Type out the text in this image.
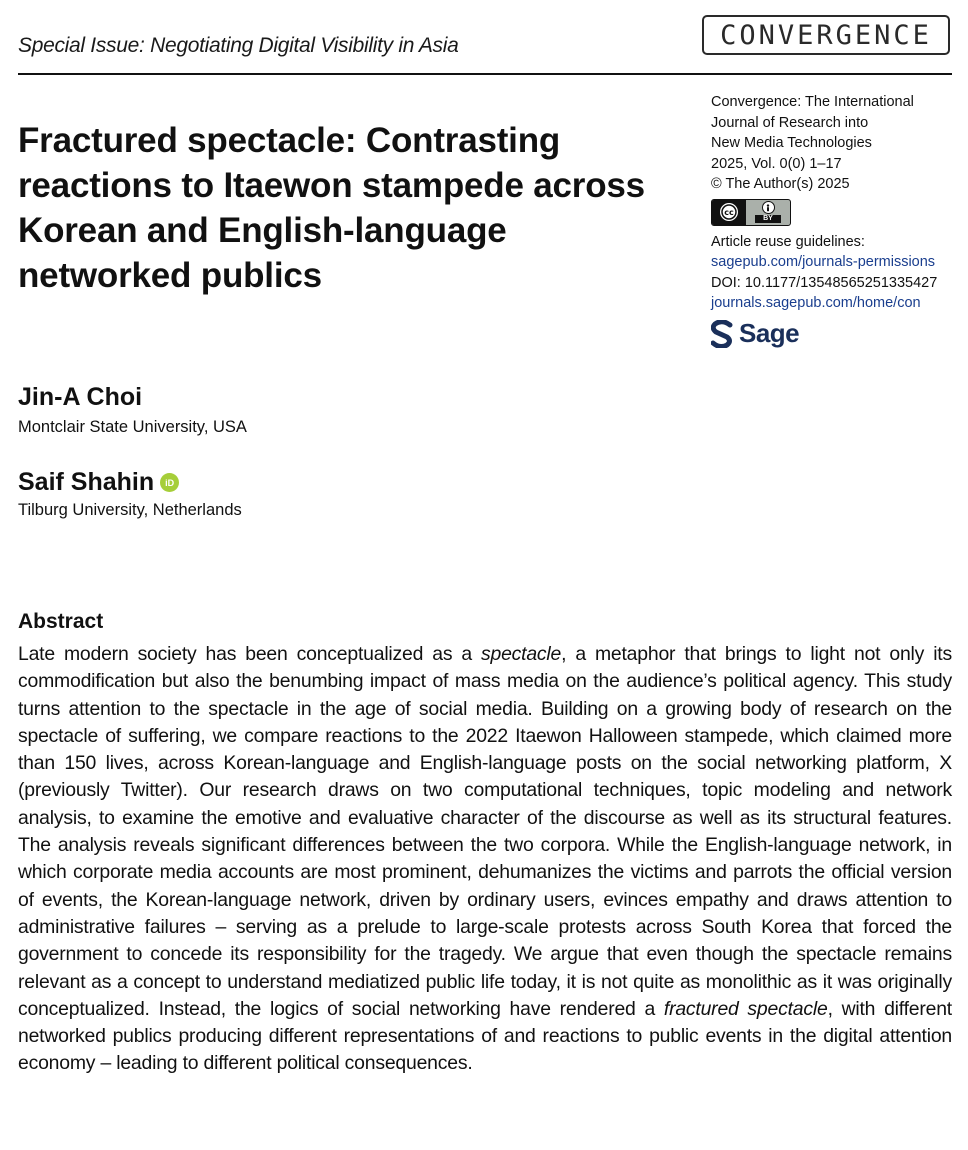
Special Issue: Negotiating Digital Visibility in Asia	CONVERGENCE
Fractured spectacle: Contrasting reactions to Itaewon stampede across Korean and English-language networked publics
Convergence: The International
Journal of Research into
New Media Technologies
2025, Vol. 0(0) 1–17
© The Author(s) 2025
cc
BY
Article reuse guidelines:
sagepub.com/journals-permissions
DOI: 10.1177/13548565251335427
journals.sagepub.com/home/con
Sage
Jin-A Choi
Montclair State University, USA
Saif Shahin	iD
Tilburg University, Netherlands
Abstract

Late modern society has been conceptualized as a spectacle, a metaphor that brings to light not only its commodification but also the benumbing impact of mass media on the audience’s political agency. This study turns attention to the spectacle in the age of social media. Building on a growing body of research on the spectacle of suffering, we compare reactions to the 2022 Itaewon Halloween stampede, which claimed more than 150 lives, across Korean-language and English-language posts on the social networking platform, X (previously Twitter). Our research draws on two computational techniques, topic modeling and network analysis, to examine the emotive and evaluative character of the discourse as well as its structural features. The analysis reveals significant differences between the two corpora. While the English-language network, in which corporate media accounts are most prominent, dehumanizes the victims and parrots the official version of events, the Korean-language network, driven by ordinary users, evinces empathy and draws attention to administrative failures – serving as a prelude to large-scale protests across South Korea that forced the government to concede its responsibility for the tragedy. We argue that even though the spectacle remains relevant as a concept to understand mediatized public life today, it is not quite as monolithic as it was originally conceptualized. Instead, the logics of social networking have rendered a fractured spectacle, with different networked publics producing different representations of and reactions to public events in the digital attention economy – leading to different political consequences.
